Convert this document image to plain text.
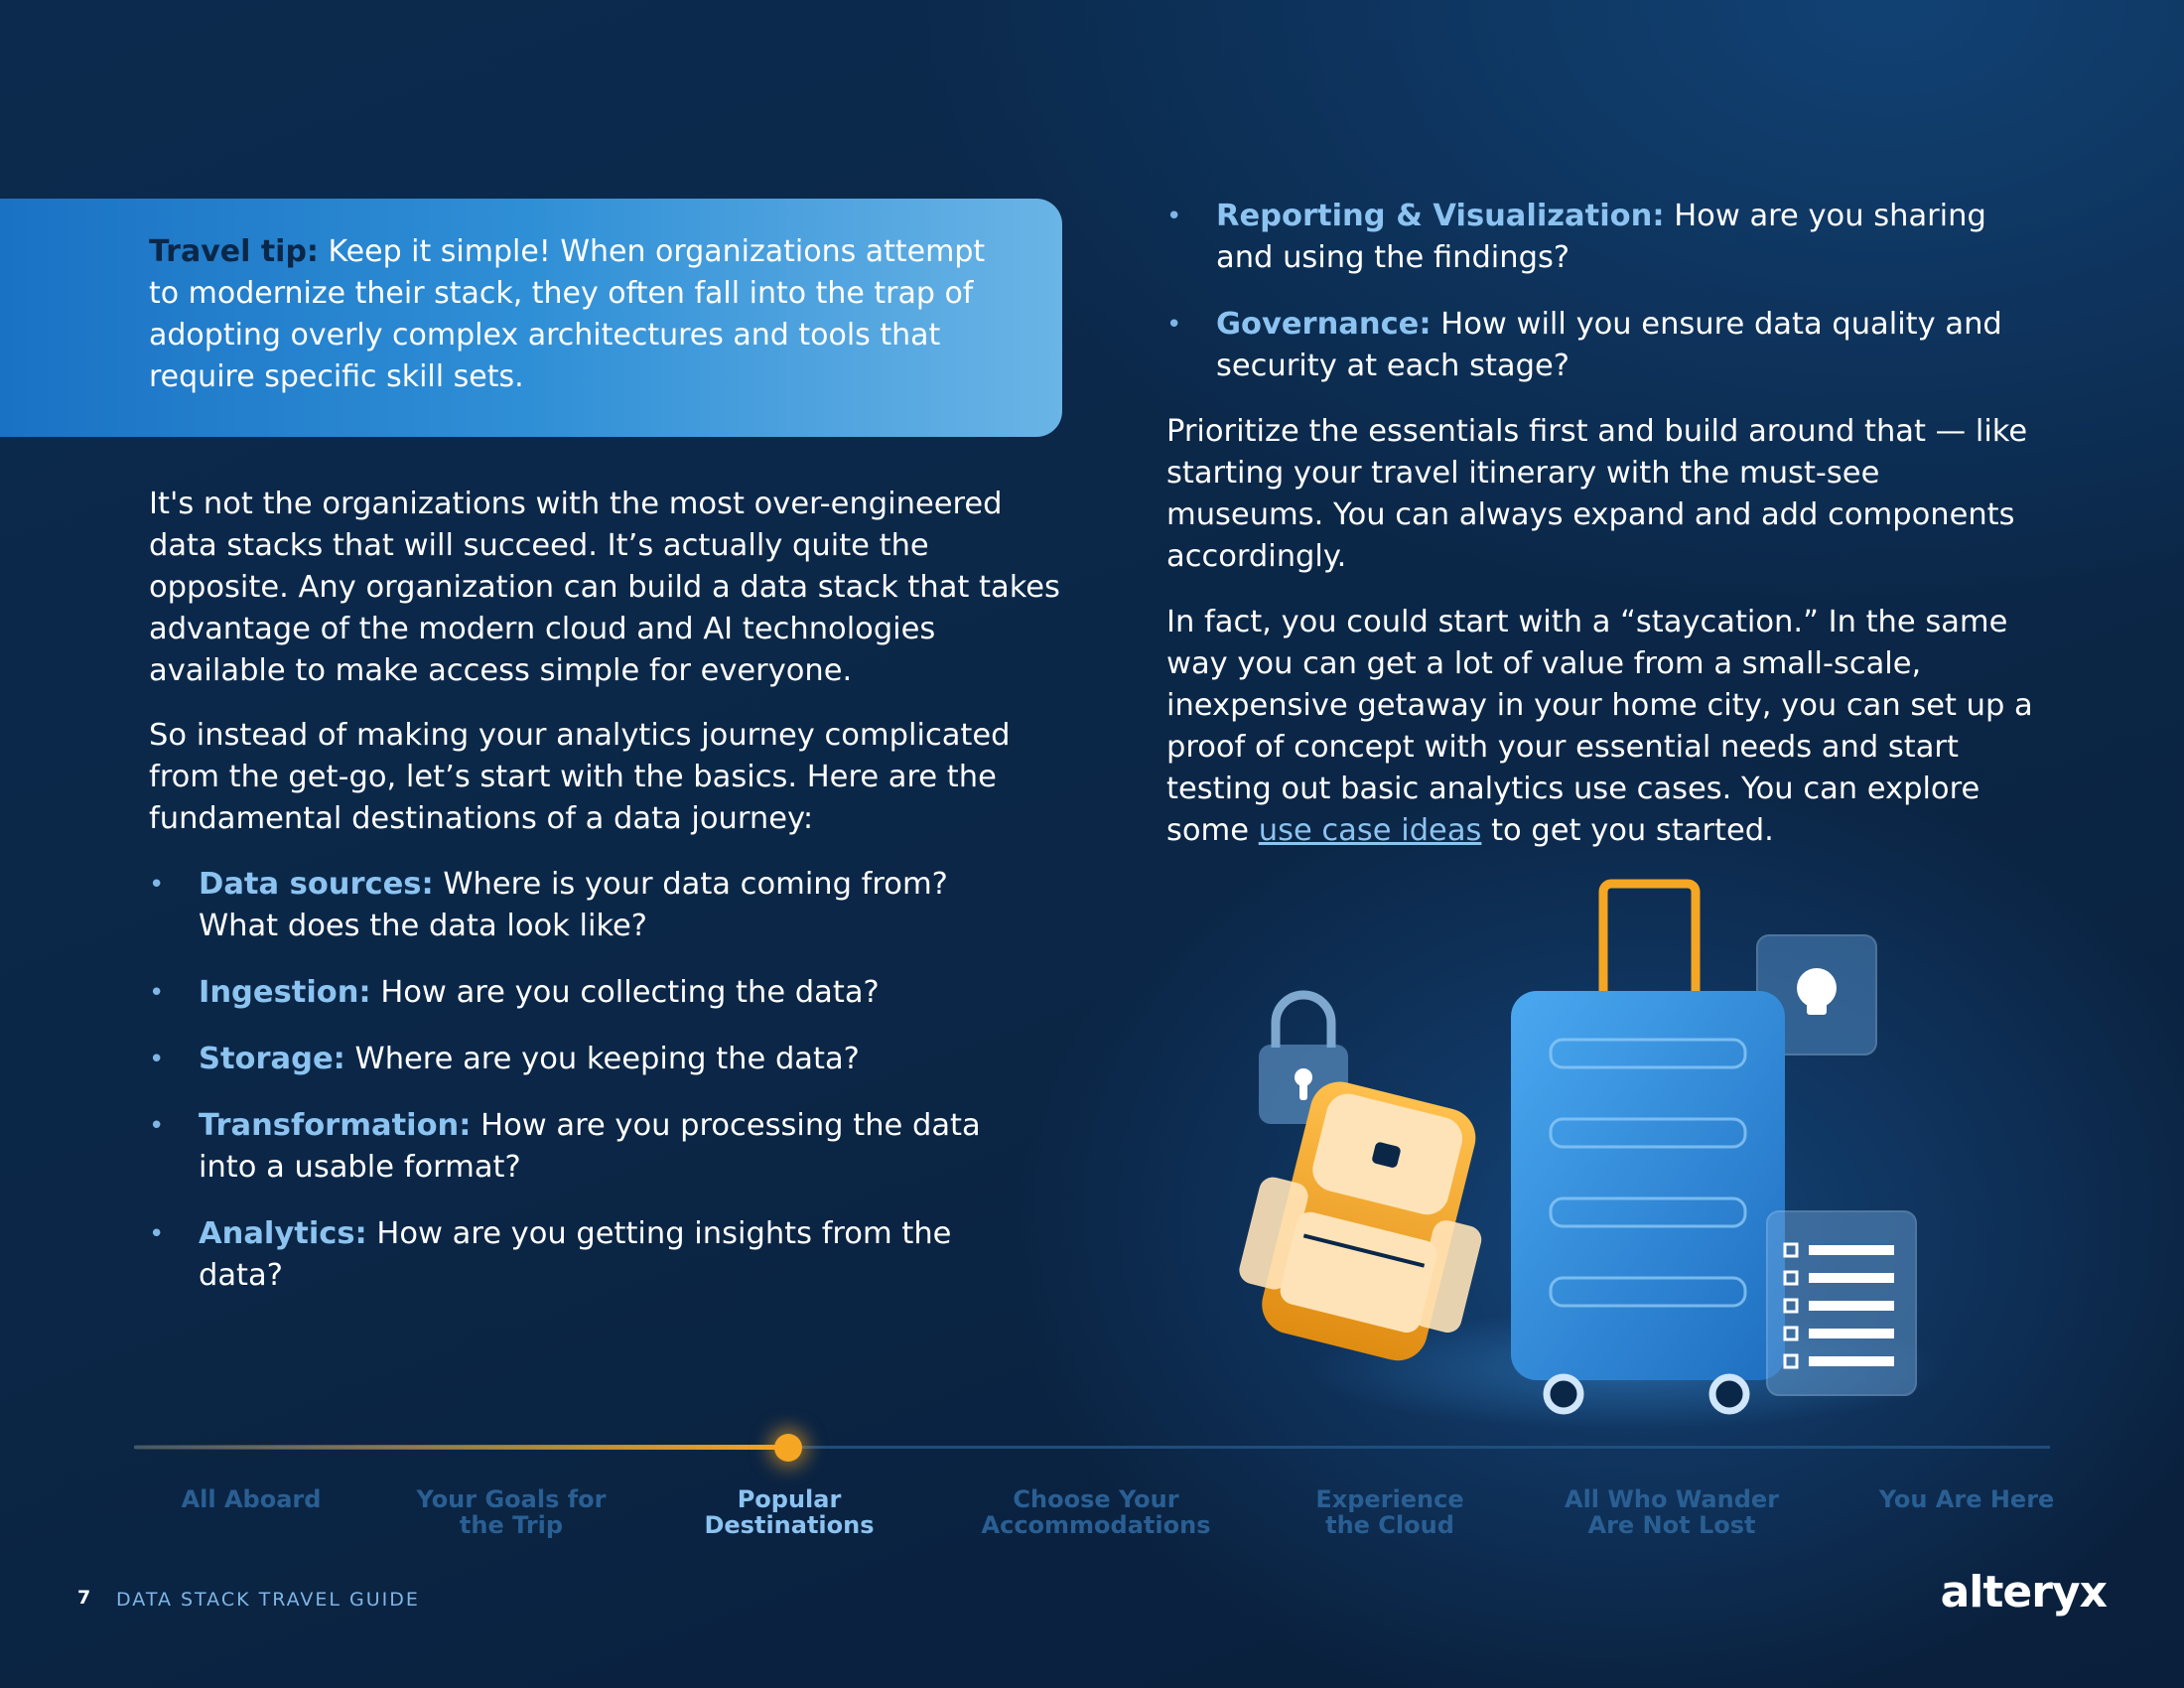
Travel tip: Keep it simple! When organizations attempt to modernize their stack, they often fall into the trap of adopting overly complex architectures and tools that require specific skill sets.

It's not the organizations with the most over-engineered data stacks that will succeed. It’s actually quite the opposite. Any organization can build a data stack that takes advantage of the modern cloud and AI technologies available to make access simple for everyone.

So instead of making your analytics journey complicated from the get-go, let’s start with the basics. Here are the fundamental destinations of a data journey:

• Data sources: Where is your data coming from? What does the data look like?
• Ingestion: How are you collecting the data?
• Storage: Where are you keeping the data?
• Transformation: How are you processing the data into a usable format?
• Analytics: How are you getting insights from the data?
• Reporting & Visualization: How are you sharing and using the findings?
• Governance: How will you ensure data quality and security at each stage?

Prioritize the essentials first and build around that — like starting your travel itinerary with the must-see museums. You can always expand and add components accordingly.

In fact, you could start with a “staycation.” In the same way you can get a lot of value from a small-scale, inexpensive getaway in your home city, you can set up a proof of concept with your essential needs and start testing out basic analytics use cases. You can explore some use case ideas to get you started.

All Aboard	Your Goals for
the Trip
Popular
Destinations
Choose Your
Accommodations
Experience
the Cloud
All Who Wander
Are Not Lost
You Are Here
7 DATA STACK TRAVEL GUIDE	alteryx
